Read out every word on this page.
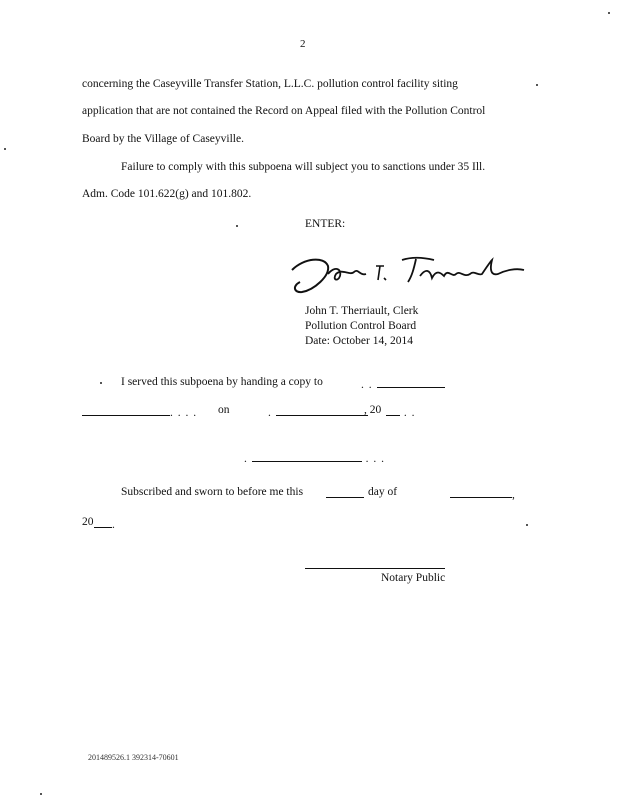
2
concerning the Caseyville Transfer Station, L.L.C. pollution control facility siting
application that are not contained the Record on Appeal filed with the Pollution Control
Board by the Village of Caseyville.
Failure to comply with this subpoena will subject you to sanctions under 35 Ill.
Adm. Code 101.622(g) and 101.802.
ENTER:
John T. Therriault, Clerk
Pollution Control Board
Date: October 14, 2014
I served this subpoena by handing a copy to	. .
. . . . on	.	, 20	. .
.	. . .
Subscribed and sworn to before me this	day of	,
20	.
Notary Public
201489526.1 392314-70601
